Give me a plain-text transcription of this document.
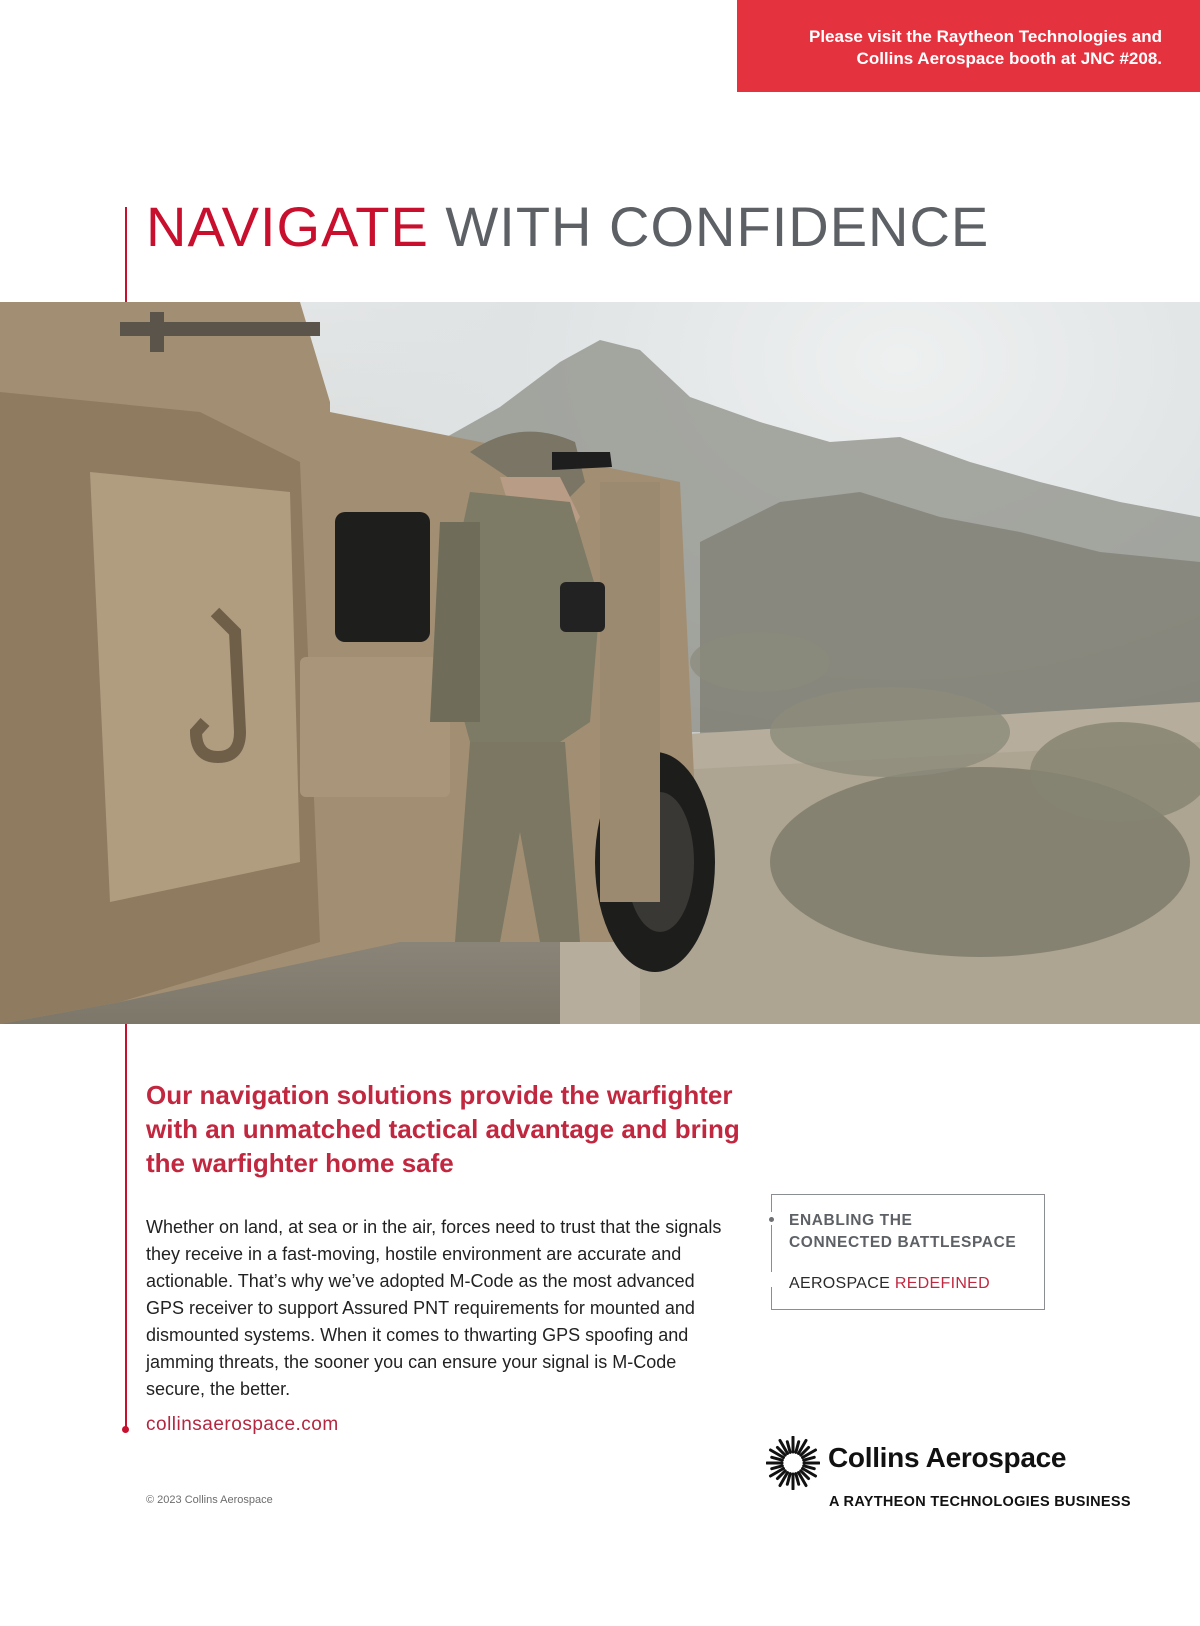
Please visit the Raytheon Technologies and
Collins Aerospace booth at JNC #208.
NAVIGATE WITH CONFIDENCE

Our navigation solutions provide the warfighter with an unmatched tactical advantage and bring the warfighter home safe

Whether on land, at sea or in the air, forces need to trust that the signals they receive in a fast-moving, hostile environment are accurate and actionable. That’s why we’ve adopted M-Code as the most advanced GPS receiver to support Assured PNT requirements for mounted and dismounted systems. When it comes to thwarting GPS spoofing and jamming threats, the sooner you can ensure your signal is M-Code secure, the better.

collinsaerospace.com

© 2023 Collins Aerospace

ENABLING THE
CONNECTED BATTLESPACE
AEROSPACE REDEFINED

Collins Aerospace

A RAYTHEON TECHNOLOGIES BUSINESS
